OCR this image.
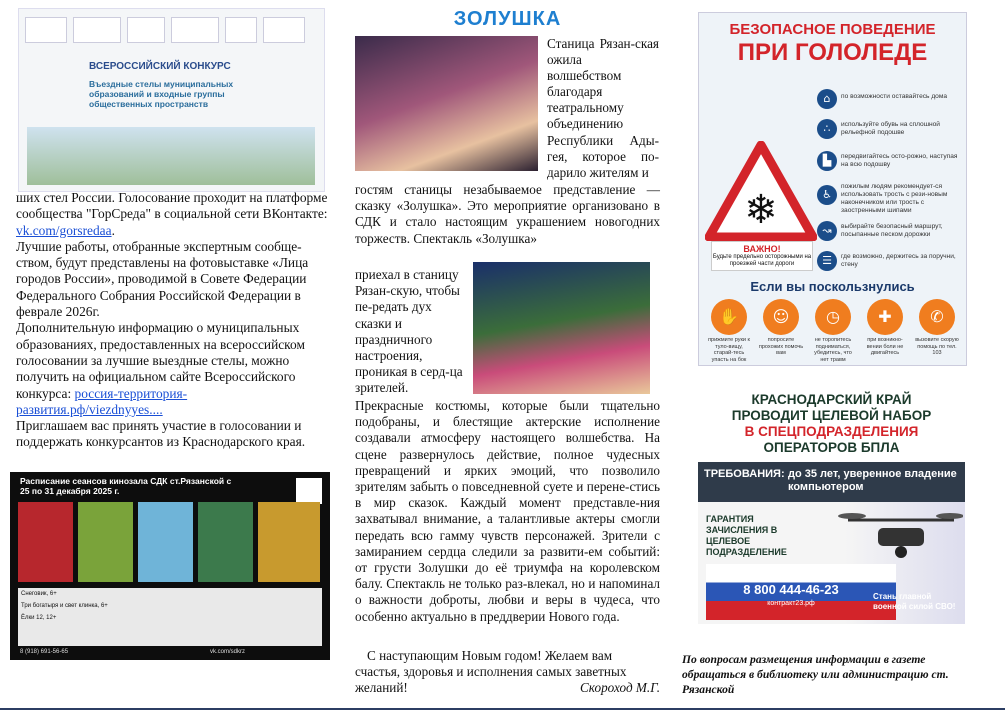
ВСЕРОССИЙСКИЙ КОНКУРС
Въездные стелы муниципальных образований и входные группы общественных пространств

ших стел России. Голосование проходит на платформе сообщества "ГорСреда" в социальной сети ВКонтакте: vk.com/gorsredaa.

Лучшие работы, отобранные экспертным сообще-ством, будут представлены на фотовыставке «Лица городов России», проводимой в Совете Федерации Федерального Собрания Российской Федерации в феврале 2026г.

Дополнительную информацию о муниципальных образованиях, предоставленных на всероссийском голосовании за лучшие выездные стелы, можно получить на официальном сайте Всероссийского конкурса: россия-территория-развития.рф/viezdnyyes....

Приглашаем вас принять участие в голосовании и поддержать конкурсантов из Краснодарского края.

Расписание сеансов кинозала СДК ст.Рязанской с 25 по 31 декабря 2025 г.
Снеговик, 6+
Три богатыря и свет клинка, 6+
Ёлки 12, 12+
8 (918) 691-56-65	vk.com/sdkrz
ЗОЛУШКА
Станица Рязан-ская ожила волшебством благодаря театральному объединению Республики Ады-гея, которое по-дарило жителям и
гостям станицы незабываемое представление — сказку «Золушка». Это мероприятие организовано в СДК и стало настоящим украшением новогодних торжеств. Спектакль «Золушка»
приехал в станицу Рязан-скую, чтобы пе-редать дух сказки и праздничного настроения, проникая в серд-ца зрителей.
Прекрасные костюмы, которые были тщательно подобраны, и блестящие актерские исполнение создавали атмосферу настоящего волшебства. На сцене развернулось действие, полное чудесных превращений и ярких эмоций, что позволило зрителям забыть о повседневной суете и перене-стись в мир сказок. Каждый момент представле-ния захватывал внимание, а талантливые актеры смогли передать всю гамму чувств персонажей. Зрители с замиранием сердца следили за развити-ем событий: от грусти Золушки до её триумфа на королевском балу. Спектакль не только раз-влекал, но и напоминал о важности доброты, любви и веры в чудеса, что особенно актуально в преддверии Нового года.
С наступающим Новым годом! Желаем вам счастья, здоровья и исполнения самых заветных желаний!	Скороход М.Г.
БЕЗОПАСНОЕ ПОВЕДЕНИЕ
ПРИ ГОЛОЛЕДЕ
❄
ВАЖНО!
Будьте предельно осторожными на проезжей части дороги
⌂	по возможности оставайтесь дома
∴	используйте обувь на сплошной рельефной подошве
▙	передвигайтесь осто-рожно, наступая на всю подошву
♿
пожилым людям рекомендует-ся использовать трость с рези-новым наконечником или трость с заостренными шипами
↝	выбирайте безопасный маршрут, посыпанные песком дорожки
☰	где возможно, держитесь за поручни, стену
Если вы поскользнулись
✋
прижмите руки к туло-вищу, старай-тесь упасть на бок
☺
попросите прохожих помочь вам
◷
не торопитесь подниматься, убедитесь, что нет травм
✚
при возникно-вении боли не двигайтесь
✆
вызовите скорую помощь по тел. 103
КРАСНОДАРСКИЙ КРАЙ
ПРОВОДИТ ЦЕЛЕВОЙ НАБОР
В СПЕЦПОДРАЗДЕЛЕНИЯ
ОПЕРАТОРОВ БПЛА
ТРЕБОВАНИЯ: до 35 лет, уверенное владение компьютером
ГАРАНТИЯ ЗАЧИСЛЕНИЯ В ЦЕЛЕВОЕ ПОДРАЗДЕЛЕНИЕ
Звони
8 800 444-46-23
контракт23.рф
Стань главной военной силой СВО!
По вопросам размещения информации в газете обращаться в библиотеку или администрацию ст. Рязанской
